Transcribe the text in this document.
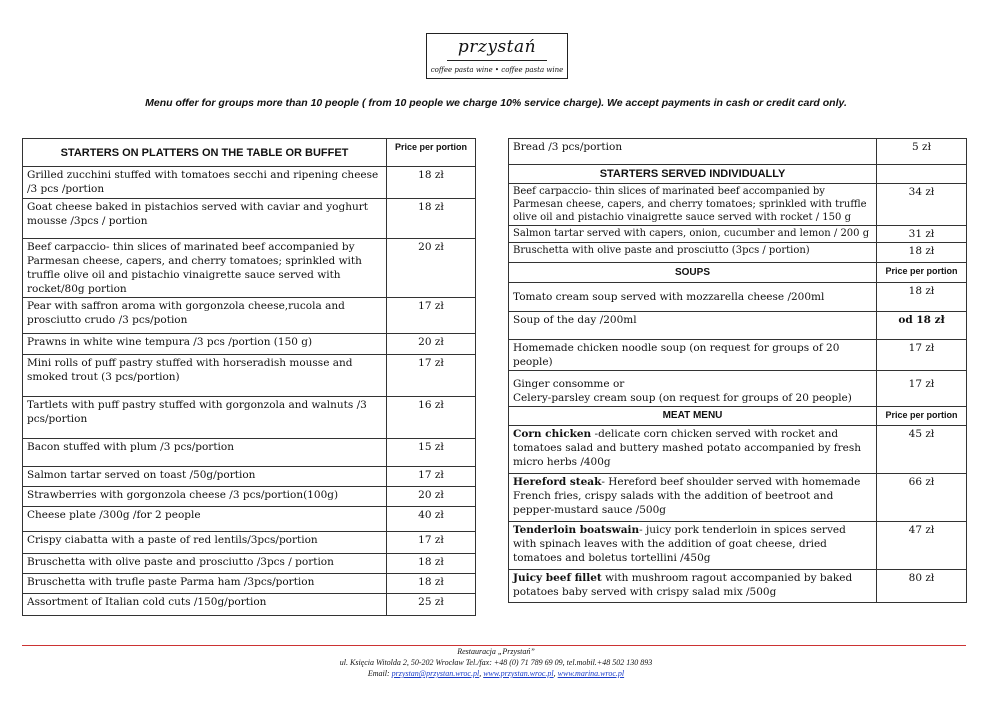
przystań
coffee pasta wine • coffee pasta wine
Menu offer for groups more than 10 people ( from 10 people we charge 10% service charge). We accept payments in cash or credit card only.
STARTERS ON PLATTERS ON THE TABLE OR BUFFET	Price per portion
Grilled zucchini stuffed with tomatoes secchi and ripening cheese /3 pcs /portion	18 zł
Goat cheese baked in pistachios served with caviar and yoghurt mousse /3pcs / portion	18 zł
Beef carpaccio- thin slices of marinated beef accompanied by Parmesan cheese, capers, and cherry tomatoes; sprinkled with truffle olive oil and pistachio vinaigrette sauce served with rocket/80g portion	20 zł
Pear with saffron aroma with gorgonzola cheese,rucola and prosciutto crudo /3 pcs/potion	17 zł
Prawns in white wine tempura /3 pcs /portion (150 g)	20 zł
Mini rolls of puff pastry stuffed with horseradish mousse and smoked trout (3 pcs/portion)	17 zł
Tartlets with puff pastry stuffed with gorgonzola and walnuts /3 pcs/portion	16 zł
Bacon stuffed with plum /3 pcs/portion	15 zł
Salmon tartar served on toast /50g/portion	17 zł
Strawberries with gorgonzola cheese /3 pcs/portion(100g)	20 zł
Cheese plate /300g /for 2 people	40 zł
Crispy ciabatta with a paste of red lentils/3pcs/portion	17 zł
Bruschetta with olive paste and prosciutto /3pcs / portion	18 zł
Bruschetta with trufle paste Parma ham /3pcs/portion	18 zł
Assortment of Italian cold cuts /150g/portion	25 zł
Bread /3 pcs/portion	5 zł
STARTERS SERVED INDIVIDUALLY	
Beef carpaccio- thin slices of marinated beef accompanied by Parmesan cheese, capers, and cherry tomatoes; sprinkled with truffle olive oil and pistachio vinaigrette sauce served with rocket / 150 g	34 zł
Salmon tartar served with capers, onion, cucumber and lemon / 200 g	31 zł
Bruschetta with olive paste and prosciutto (3pcs / portion)	18 zł
SOUPS	Price per portion
Tomato cream soup served with mozzarella cheese /200ml	18 zł
Soup of the day /200ml	od 18 zł
Homemade chicken noodle soup (on request for groups of 20 people)	17 zł

Ginger consomme or
Celery-parsley cream soup (on request for groups of 20 people)	17 zł
MEAT MENU	Price per portion
Corn chicken -delicate corn chicken served with rocket and tomatoes salad and buttery mashed potato accompanied by fresh micro herbs /400g	45 zł
Hereford steak- Hereford beef shoulder served with homemade French fries, crispy salads with the addition of beetroot and pepper-mustard sauce /500g	66 zł
Tenderloin boatswain- juicy pork tenderloin in spices served with spinach leaves with the addition of goat cheese, dried tomatoes and boletus tortellini /450g	47 zł
Juicy beef fillet with mushroom ragout accompanied by baked potatoes baby served with crispy salad mix /500g	80 zł
Restauracja „Przystań”
ul. Księcia Witolda 2, 50-202 Wrocław Tel./fax: +48 (0) 71 789 69 09, tel.mobil.+48 502 130 893
Email: przystan@przystan.wroc.pl, www.przystan.wroc.pl, www.marina.wroc.pl
